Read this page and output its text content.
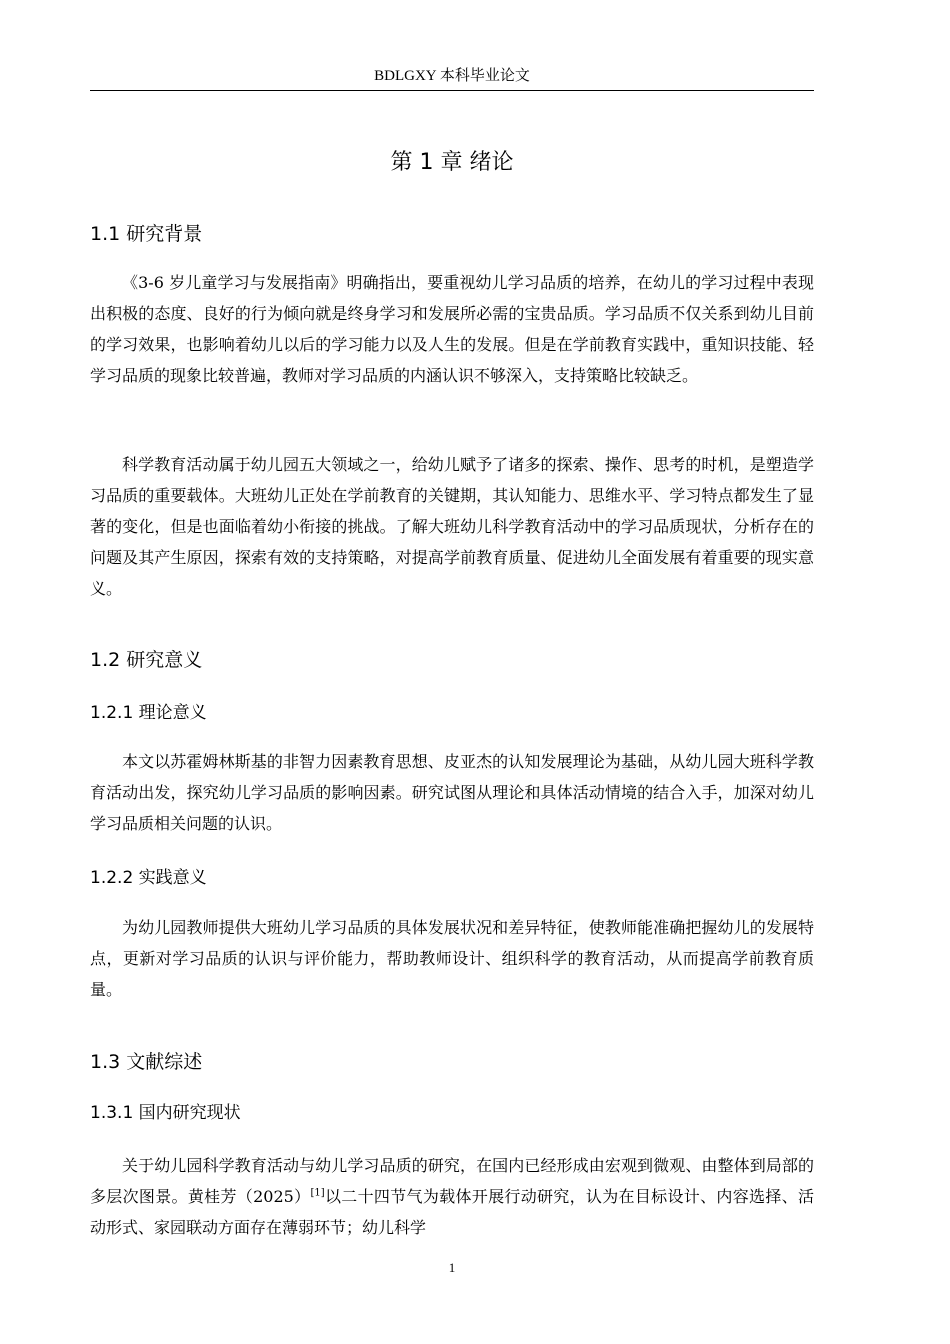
BDLGXY 本科毕业论文
第 1 章 绪论
1.1 研究背景

《3-6 岁儿童学习与发展指南》明确指出，要重视幼儿学习品质的培养，在幼儿的学习过程中表现出积极的态度、良好的行为倾向就是终身学习和发展所必需的宝贵品质。学习品质不仅关系到幼儿目前的学习效果，也影响着幼儿以后的学习能力以及人生的发展。但是在学前教育实践中，重知识技能、轻学习品质的现象比较普遍，教师对学习品质的内涵认识不够深入，支持策略比较缺乏。

科学教育活动属于幼儿园五大领域之一，给幼儿赋予了诸多的探索、操作、思考的时机，是塑造学习品质的重要载体。大班幼儿正处在学前教育的关键期，其认知能力、思维水平、学习特点都发生了显著的变化，但是也面临着幼小衔接的挑战。了解大班幼儿科学教育活动中的学习品质现状，分析存在的问题及其产生原因，探索有效的支持策略，对提高学前教育质量、促进幼儿全面发展有着重要的现实意义。

1.2 研究意义
1.2.1 理论意义

本文以苏霍姆林斯基的非智力因素教育思想、皮亚杰的认知发展理论为基础，从幼儿园大班科学教育活动出发，探究幼儿学习品质的影响因素。研究试图从理论和具体活动情境的结合入手，加深对幼儿学习品质相关问题的认识。

1.2.2 实践意义

为幼儿园教师提供大班幼儿学习品质的具体发展状况和差异特征，使教师能准确把握幼儿的发展特点，更新对学习品质的认识与评价能力，帮助教师设计、组织科学的教育活动，从而提高学前教育质量。

1.3 文献综述
1.3.1 国内研究现状

关于幼儿园科学教育活动与幼儿学习品质的研究，在国内已经形成由宏观到微观、由整体到局部的多层次图景。黄桂芳（2025）[1]以二十四节气为载体开展行动研究，认为在目标设计、内容选择、活动形式、家园联动方面存在薄弱环节；幼儿科学

1
